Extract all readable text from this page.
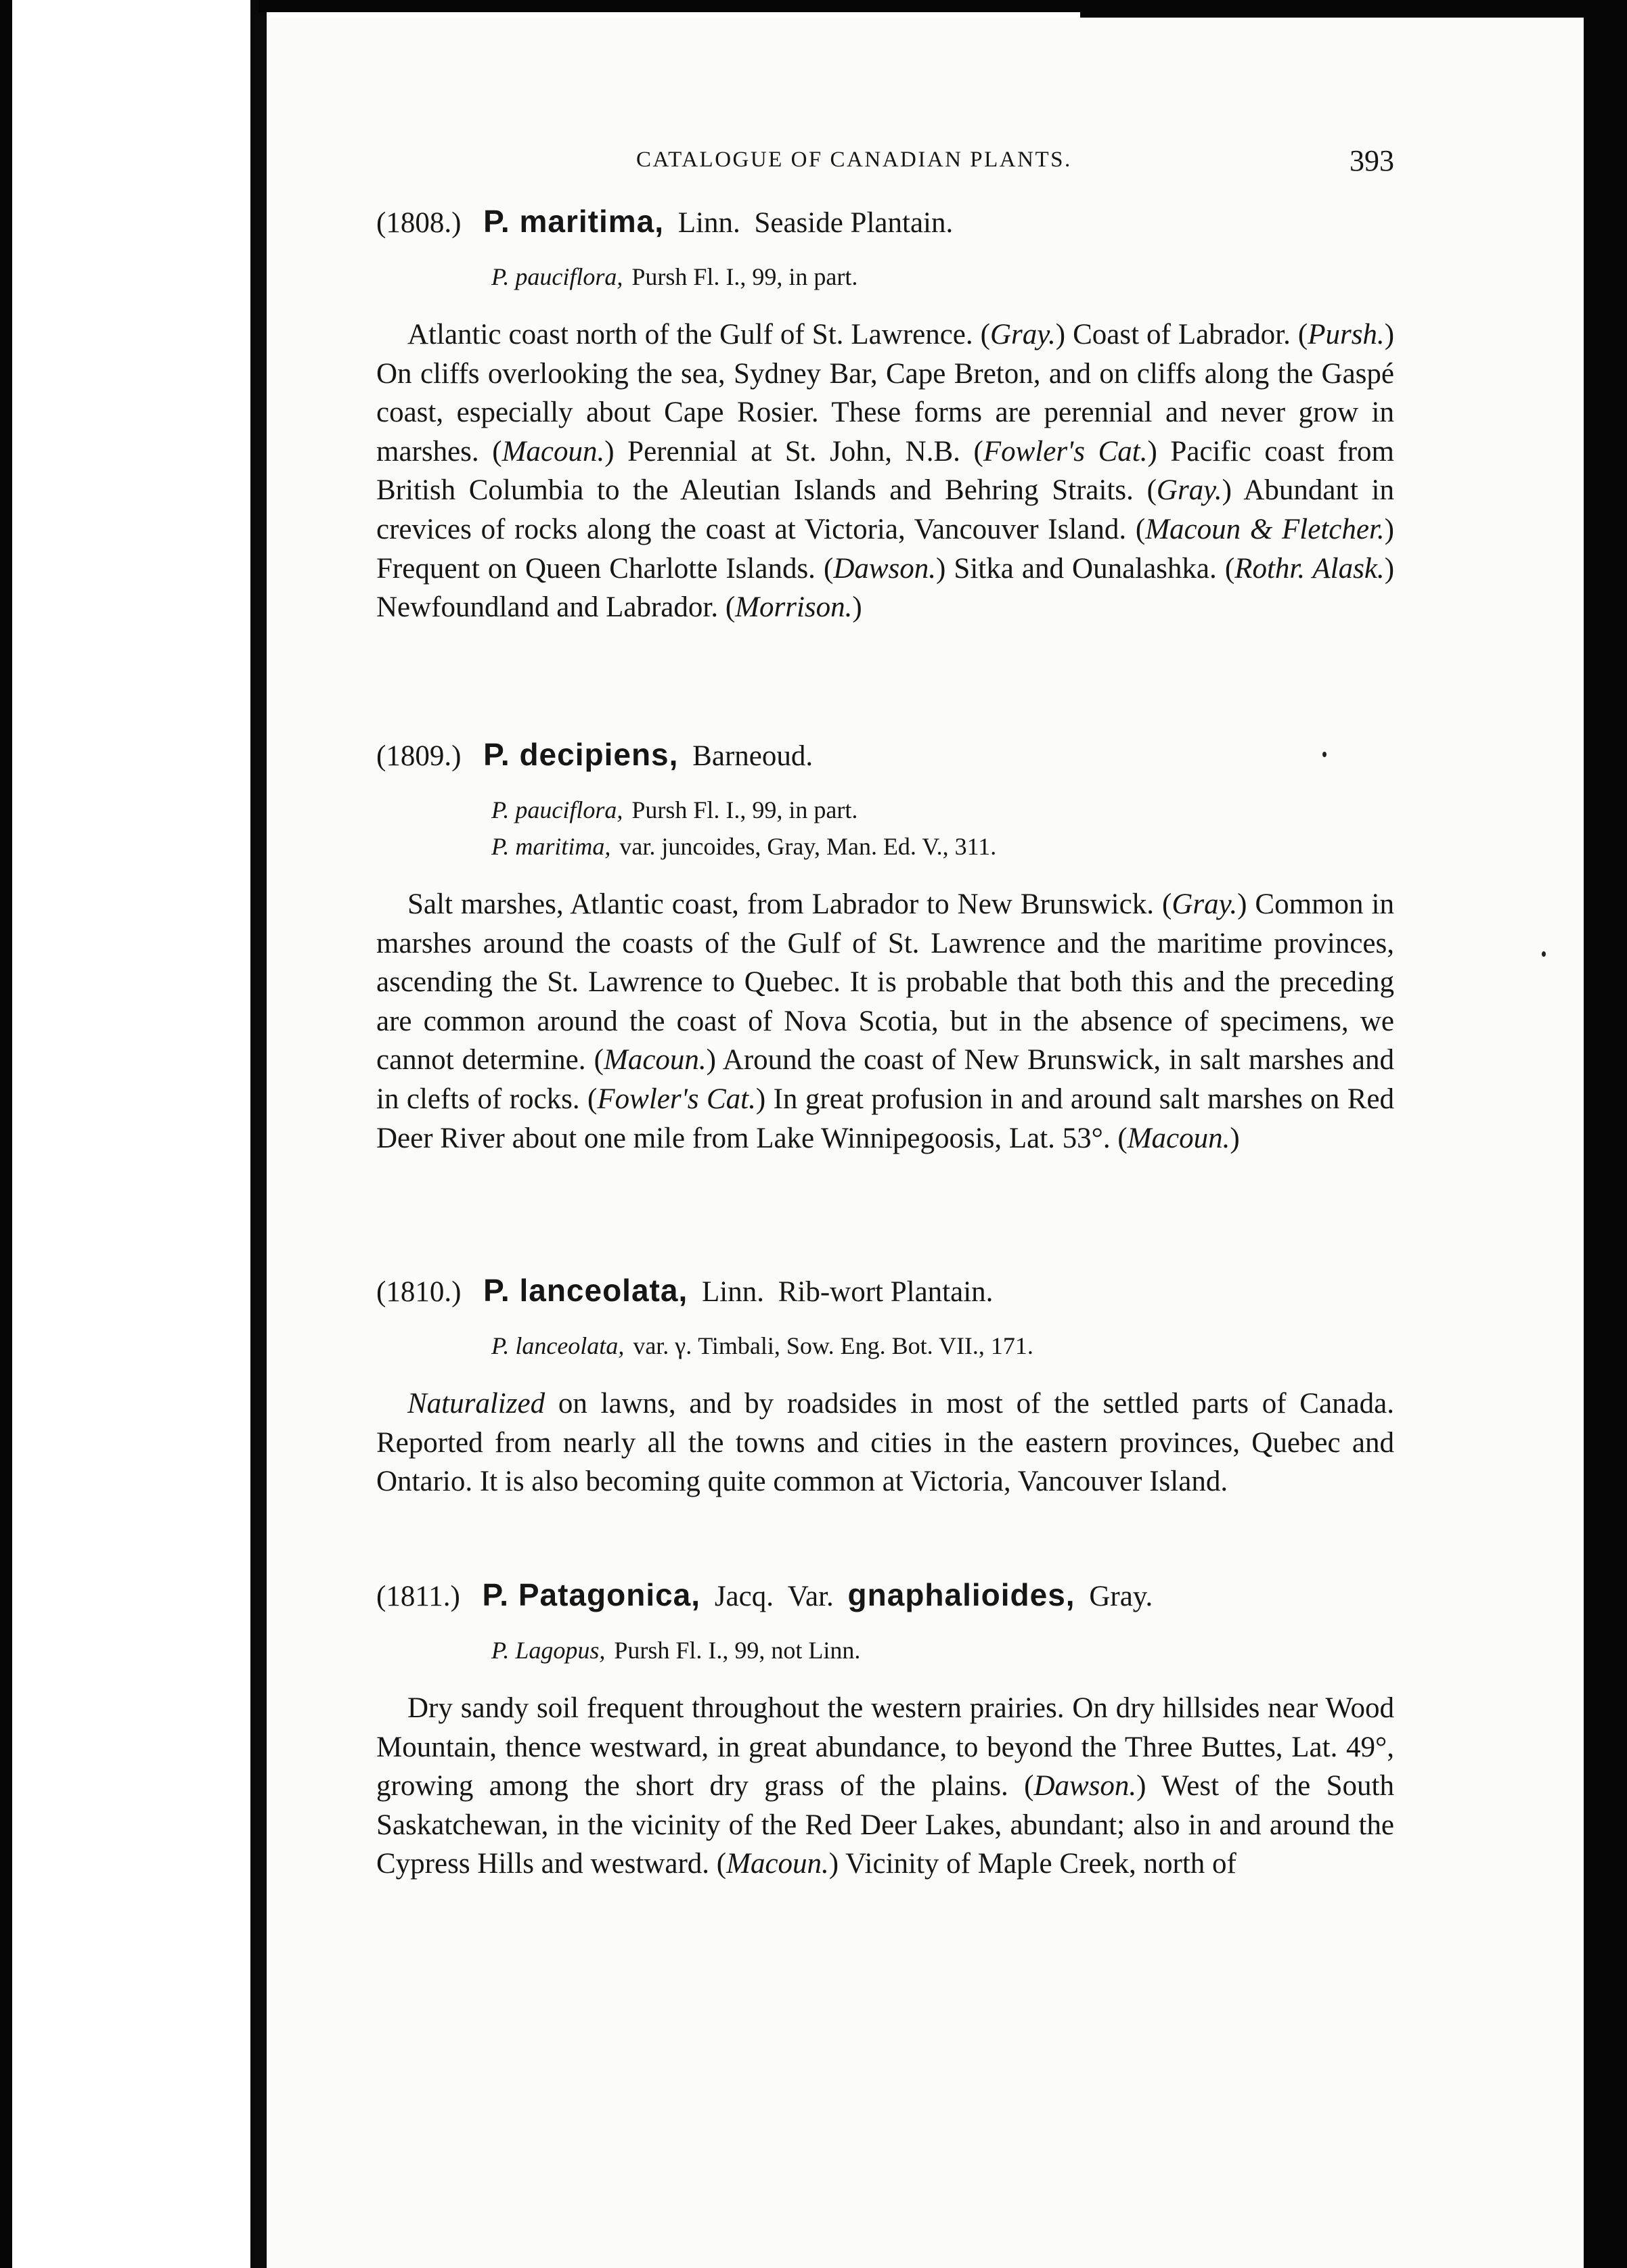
CATALOGUE OF CANADIAN PLANTS.	393
(1808.) P. maritima, Linn. Seaside Plantain.
P. pauciflora, Pursh Fl. I., 99, in part.

Atlantic coast north of the Gulf of St. Lawrence. (Gray.) Coast of Labrador. (Pursh.) On cliffs overlooking the sea, Sydney Bar, Cape Breton, and on cliffs along the Gaspé coast, especially about Cape Rosier. These forms are perennial and never grow in marshes. (Macoun.) Perennial at St. John, N.B. (Fowler's Cat.) Pacific coast from British Columbia to the Aleutian Islands and Behring Straits. (Gray.) Abundant in crevices of rocks along the coast at Victoria, Vancouver Island. (Macoun & Fletcher.) Frequent on Queen Charlotte Islands. (Dawson.) Sitka and Ounalashka. (Rothr. Alask.) Newfoundland and Labrador. (Morrison.)

(1809.) P. decipiens, Barneoud.
P. pauciflora, Pursh Fl. I., 99, in part.
P. maritima, var. juncoides, Gray, Man. Ed. V., 311.

Salt marshes, Atlantic coast, from Labrador to New Brunswick. (Gray.) Common in marshes around the coasts of the Gulf of St. Lawrence and the maritime provinces, ascending the St. Lawrence to Quebec. It is probable that both this and the preceding are common around the coast of Nova Scotia, but in the absence of specimens, we cannot determine. (Macoun.) Around the coast of New Brunswick, in salt marshes and in clefts of rocks. (Fowler's Cat.) In great profusion in and around salt marshes on Red Deer River about one mile from Lake Winnipegoosis, Lat. 53°. (Macoun.)

(1810.) P. lanceolata, Linn. Rib-wort Plantain.
P. lanceolata, var. γ. Timbali, Sow. Eng. Bot. VII., 171.

Naturalized on lawns, and by roadsides in most of the settled parts of Canada. Reported from nearly all the towns and cities in the eastern provinces, Quebec and Ontario. It is also becoming quite common at Victoria, Vancouver Island.

(1811.) P. Patagonica, Jacq. Var. gnaphalioides, Gray.
P. Lagopus, Pursh Fl. I., 99, not Linn.

Dry sandy soil frequent throughout the western prairies. On dry hillsides near Wood Mountain, thence westward, in great abundance, to beyond the Three Buttes, Lat. 49°, growing among the short dry grass of the plains. (Dawson.) West of the South Saskatchewan, in the vicinity of the Red Deer Lakes, abundant; also in and around the Cypress Hills and westward. (Macoun.) Vicinity of Maple Creek, north of
